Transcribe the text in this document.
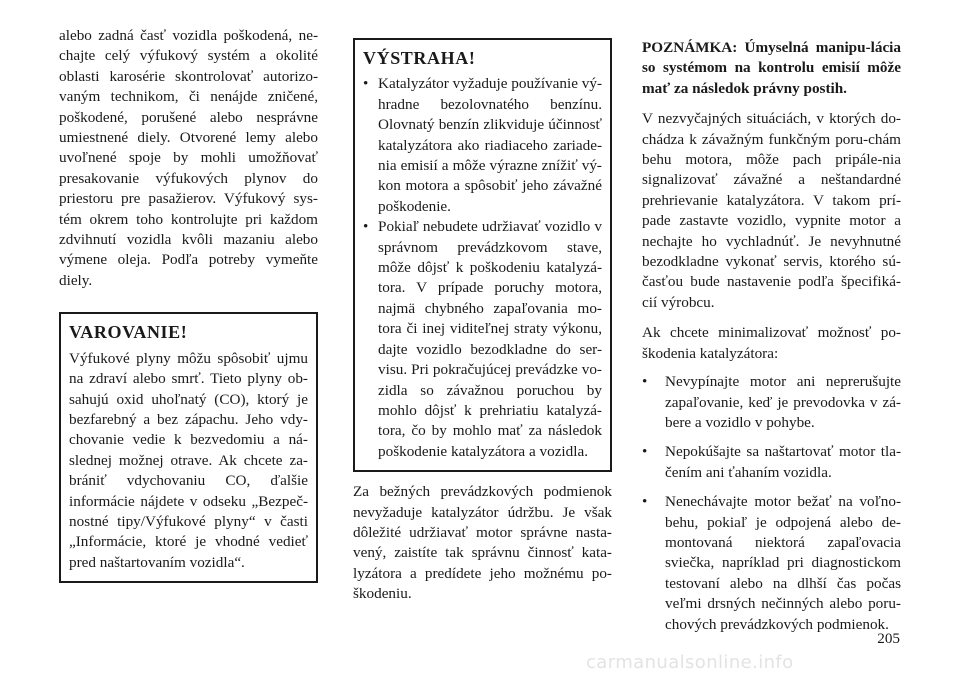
alebo zadná časť vozidla poškodená, ne-chajte celý výfukový systém a okolité oblasti karosérie skontrolovať autorizo-vaným technikom, či nenájde zničené, poškodené, porušené alebo nesprávne umiestnené diely. Otvorené lemy alebo uvoľnené spoje by mohli umožňovať presakovanie výfukových plynov do priestoru pre pasažierov. Výfukový sys-tém okrem toho kontrolujte pri každom zdvihnutí vozidla kvôli mazaniu alebo výmene oleja. Podľa potreby vymeňte diely.

VAROVANIE!

Výfukové plyny môžu spôsobiť ujmu na zdraví alebo smrť. Tieto plyny ob-sahujú oxid uhoľnatý (CO), ktorý je bezfarebný a bez zápachu. Jeho vdy-chovanie vedie k bezvedomiu a ná-slednej možnej otrave. Ak chcete za-brániť vdychovaniu CO, ďalšie informácie nájdete v odseku „Bezpeč-nostné tipy/Výfukové plyny“ v časti „Informácie, ktoré je vhodné vedieť pred naštartovaním vozidla“.

VÝSTRAHA!
• Katalyzátor vyžaduje používanie vý-hradne bezolovnatého benzínu. Olovnatý benzín zlikviduje účinnosť katalyzátora ako riadiaceho zariade-nia emisií a môže výrazne znížiť vý-kon motora a spôsobiť jeho závažné poškodenie.
• Pokiaľ nebudete udržiavať vozidlo v správnom prevádzkovom stave, môže dôjsť k poškodeniu katalyzá-tora. V prípade poruchy motora, najmä chybného zapaľovania mo-tora či inej viditeľnej straty výkonu, dajte vozidlo bezodkladne do ser-visu. Pri pokračujúcej prevádzke vo-zidla so závažnou poruchou by mohlo dôjsť k prehriatiu katalyzá-tora, čo by mohlo mať za následok poškodenie katalyzátora a vozidla.

Za bežných prevádzkových podmienok nevyžaduje katalyzátor údržbu. Je však dôležité udržiavať motor správne nasta-vený, zaistíte tak správnu činnosť kata-lyzátora a predídete jeho možnému po-škodeniu.

POZNÁMKA: Úmyselná manipu-lácia so systémom na kontrolu emisií môže mať za následok právny postih.

V nezvyčajných situáciách, v ktorých do-chádza k závažným funkčným poru-chám behu motora, môže pach pripále-nia signalizovať závažné a neštandardné prehrievanie katalyzátora. V takom prí-pade zastavte vozidlo, vypnite motor a nechajte ho vychladnúť. Je nevyhnutné bezodkladne vykonať servis, ktorého sú-časťou bude nastavenie podľa špecifiká-cií výrobcu.

Ak chcete minimalizovať možnosť po-škodenia katalyzátora:

• Nevypínajte motor ani neprerušujte zapaľovanie, keď je prevodovka v zá-bere a vozidlo v pohybe.
• Nepokúšajte sa naštartovať motor tla-čením ani ťahaním vozidla.
• Nenechávajte motor bežať na voľno-behu, pokiaľ je odpojená alebo de-montovaná niektorá zapaľovacia sviečka, napríklad pri diagnostickom testovaní alebo na dlhší čas počas veľmi drsných nečinných alebo poru-chových prevádzkových podmienok.
205
carmanualsonline.info
